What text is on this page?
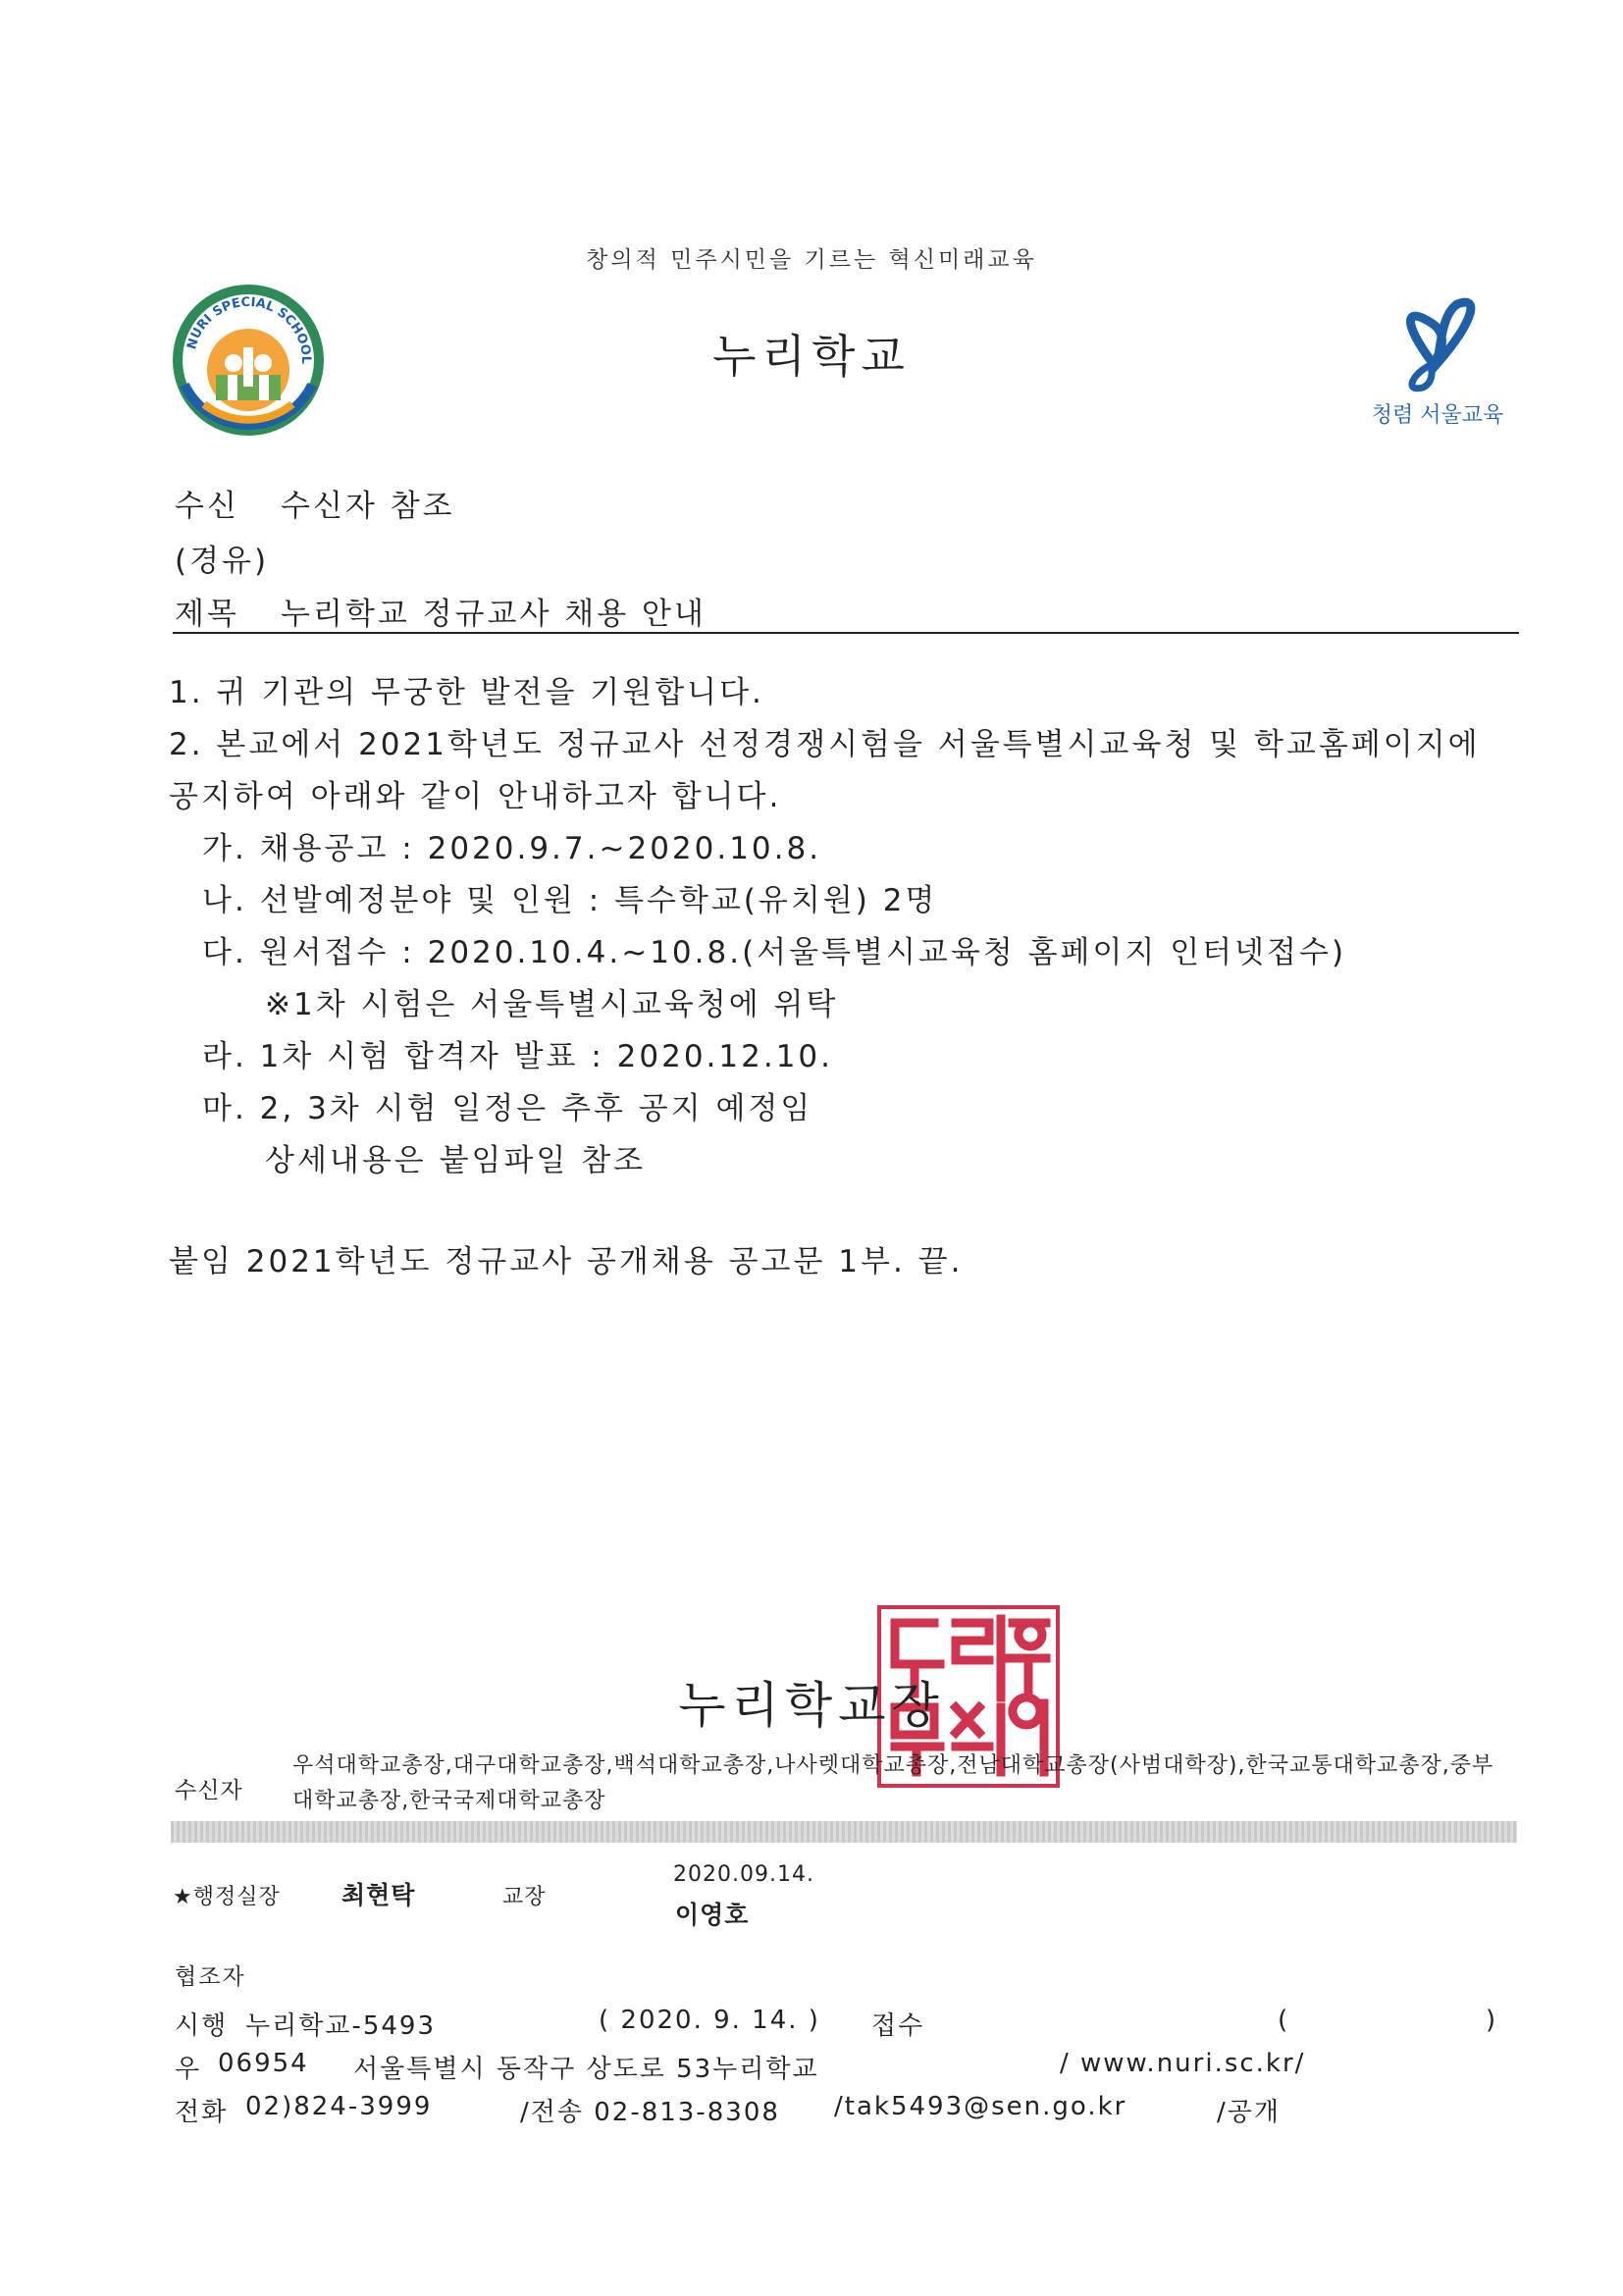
창의적 민주시민을 기르는 혁신미래교육
NURI SPECIAL SCHOOL	누리학교
청렴 서울교육
수신 수신자 참조
(경유)
제목 누리학교 정규교사 채용 안내
1. 귀 기관의 무궁한 발전을 기원합니다.
2. 본교에서 2021학년도 정규교사 선정경쟁시험을 서울특별시교육청 및 학교홈페이지에
공지하여 아래와 같이 안내하고자 합니다.
가. 채용공고 : 2020.9.7.~2020.10.8.
나. 선발예정분야 및 인원 : 특수학교(유치원) 2명
다. 원서접수 : 2020.10.4.~10.8.(서울특별시교육청 홈페이지 인터넷접수)
※1차 시험은 서울특별시교육청에 위탁
라. 1차 시험 합격자 발표 : 2020.12.10.
마. 2, 3차 시험 일정은 추후 공지 예정임
상세내용은 붙임파일 참조
붙임 2021학년도 정규교사 공개채용 공고문 1부. 끝.
누리학교장
수신자
우석대학교총장,대구대학교총장,백석대학교총장,나사렛대학교총장,전남대학교총장(사범대학장),한국교통대학교총장,중부대학교총장,한국국제대학교총장
★행정실장 최현탁	교장
2020.09.14.
이영호
협조자
시행 누리학교-5493	( 2020. 9. 14. ) 접수	(	)
우 06954 서울특별시 동작구 상도로 53누리학교	/ www.nuri.sc.kr/
전화 02)824-3999	/전송 02-813-8308 /tak5493@sen.go.kr	/공개
